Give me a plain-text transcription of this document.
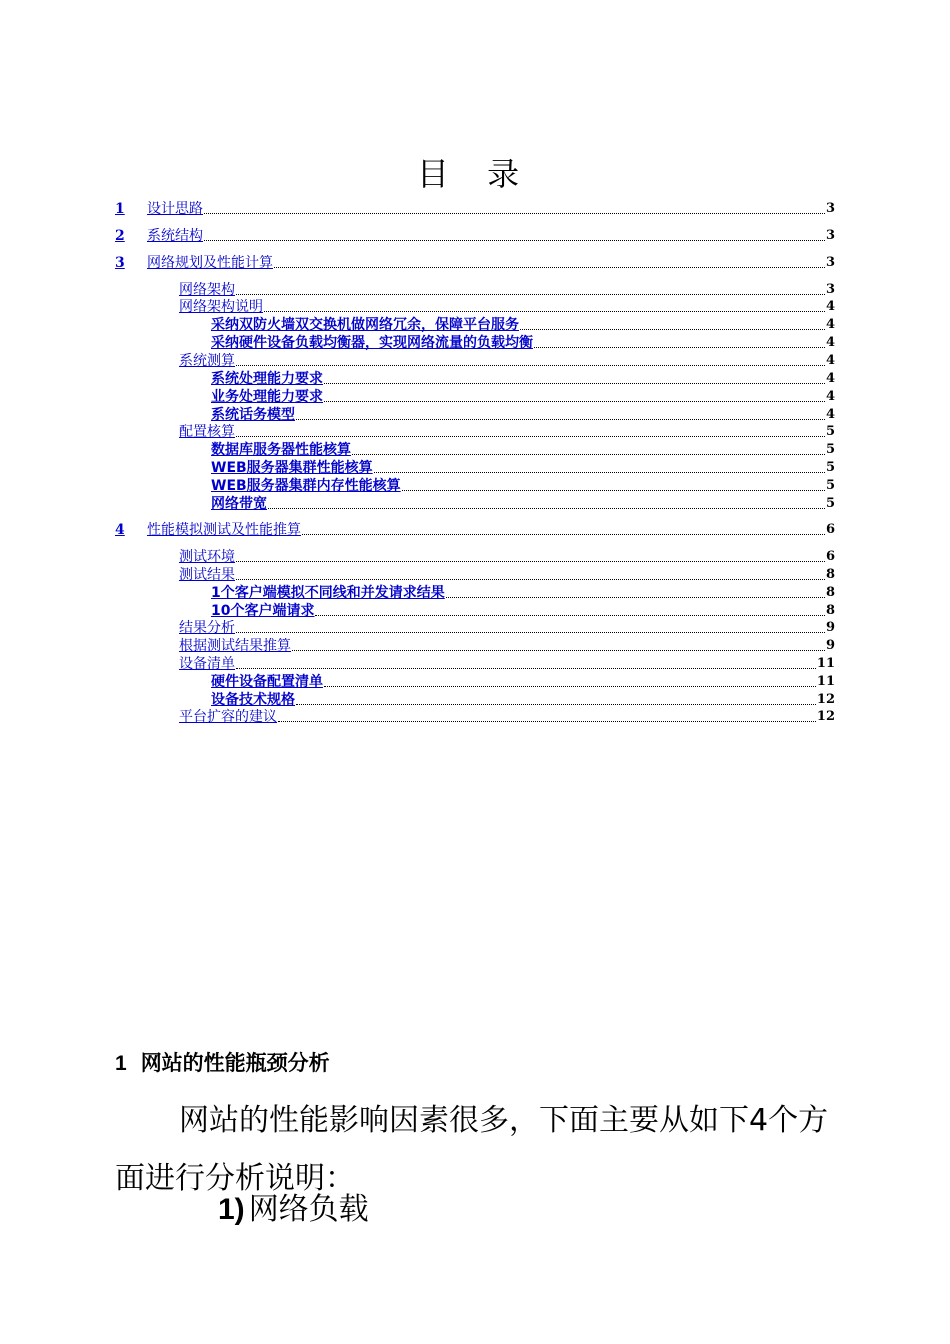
目 录
1	设计思路	3
2	系统结构	3
3	网络规划及性能计算	3
网络架构	3
网络架构说明	4
采纳双防火墙双交换机做网络冗余，保障平台服务	4
采纳硬件设备负载均衡器，实现网络流量的负载均衡	4
系统测算	4
系统处理能力要求	4
业务处理能力要求	4
系统话务模型	4
配置核算	5
数据库服务器性能核算	5
WEB服务器集群性能核算	5
WEB服务器集群内存性能核算	5
网络带宽	5
4	性能模拟测试及性能推算	6
测试环境	6
测试结果	8
1个客户端模拟不同线和并发请求结果	8
10个客户端请求	8
结果分析	9
根据测试结果推算	9
设备清单	11
硬件设备配置清单	11
设备技术规格	12
平台扩容的建议	12
1 网站的性能瓶颈分析
网站的性能影响因素很多，下面主要从如下4个方面进行分析说明：
1) 网络负载
